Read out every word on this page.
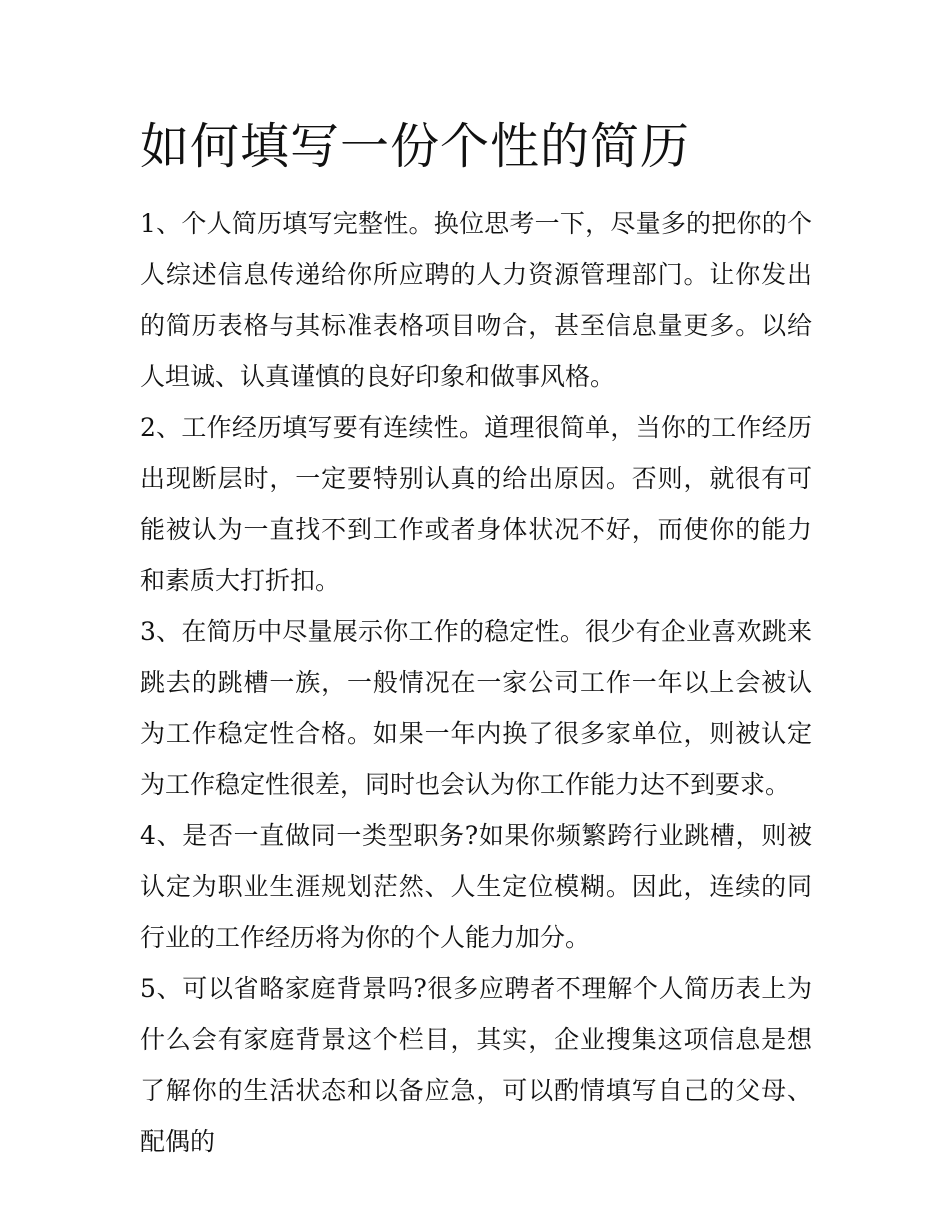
如何填写一份个性的简历

1、个人简历填写完整性。换位思考一下，尽量多的把你的个人综述信息传递给你所应聘的人力资源管理部门。让你发出的简历表格与其标准表格项目吻合，甚至信息量更多。以给人坦诚、认真谨慎的良好印象和做事风格。

2、工作经历填写要有连续性。道理很简单，当你的工作经历出现断层时，一定要特别认真的给出原因。否则，就很有可能被认为一直找不到工作或者身体状况不好，而使你的能力和素质大打折扣。

3、在简历中尽量展示你工作的稳定性。很少有企业喜欢跳来跳去的跳槽一族，一般情况在一家公司工作一年以上会被认为工作稳定性合格。如果一年内换了很多家单位，则被认定为工作稳定性很差，同时也会认为你工作能力达不到要求。

4、是否一直做同一类型职务?如果你频繁跨行业跳槽，则被认定为职业生涯规划茫然、人生定位模糊。因此，连续的同行业的工作经历将为你的个人能力加分。

5、可以省略家庭背景吗?很多应聘者不理解个人简历表上为什么会有家庭背景这个栏目，其实，企业搜集这项信息是想了解你的生活状态和以备应急，可以酌情填写自己的父母、配偶的
